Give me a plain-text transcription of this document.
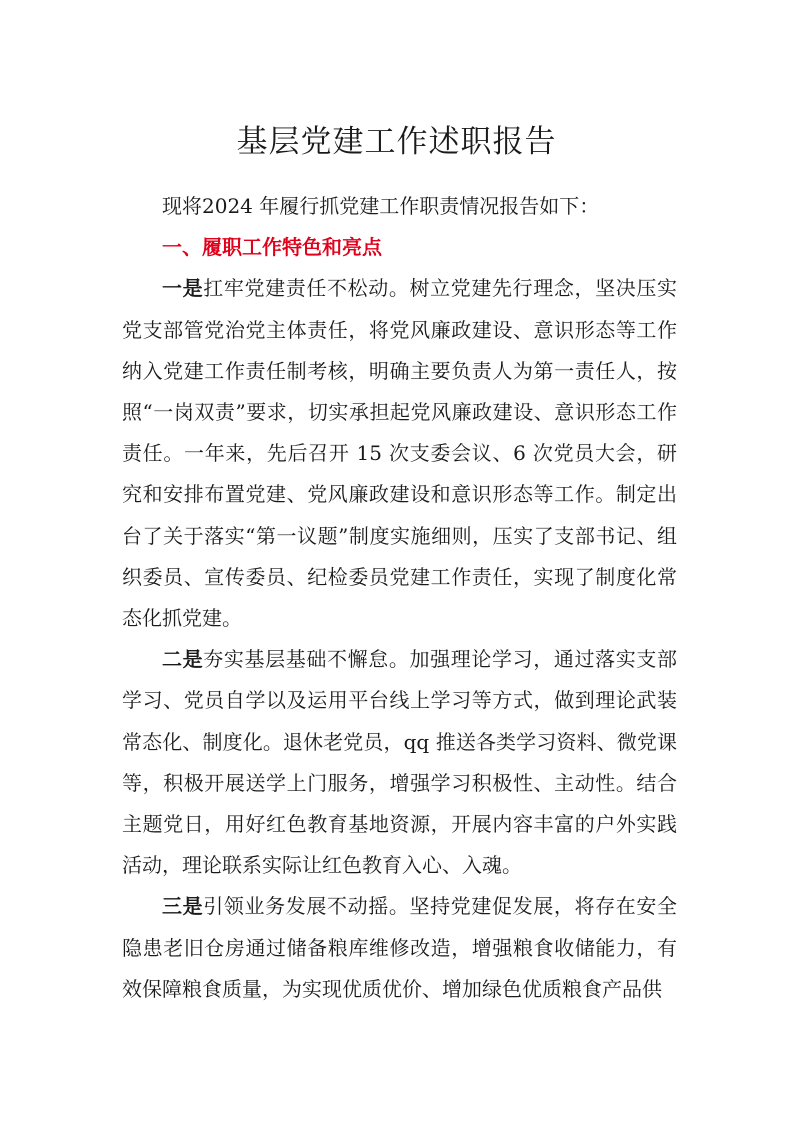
基层党建工作述职报告

现将2024 年履行抓党建工作职责情况报告如下：

一、履职工作特色和亮点

一是扛牢党建责任不松动。树立党建先行理念，坚决压实党支部管党治党主体责任，将党风廉政建设、意识形态等工作纳入党建工作责任制考核，明确主要负责人为第一责任人，按照“一岗双责”要求，切实承担起党风廉政建设、意识形态工作责任。一年来，先后召开 15 次支委会议、6 次党员大会，研究和安排布置党建、党风廉政建设和意识形态等工作。制定出台了关于落实“第一议题”制度实施细则，压实了支部书记、组织委员、宣传委员、纪检委员党建工作责任，实现了制度化常态化抓党建。

二是夯实基层基础不懈怠。加强理论学习，通过落实支部学习、党员自学以及运用平台线上学习等方式，做到理论武装常态化、制度化。退休老党员，qq 推送各类学习资料、微党课等，积极开展送学上门服务，增强学习积极性、主动性。结合主题党日，用好红色教育基地资源，开展内容丰富的户外实践活动，理论联系实际让红色教育入心、入魂。

三是引领业务发展不动摇。坚持党建促发展，将存在安全隐患老旧仓房通过储备粮库维修改造，增强粮食收储能力，有效保障粮食质量，为实现优质优价、增加绿色优质粮食产品供
